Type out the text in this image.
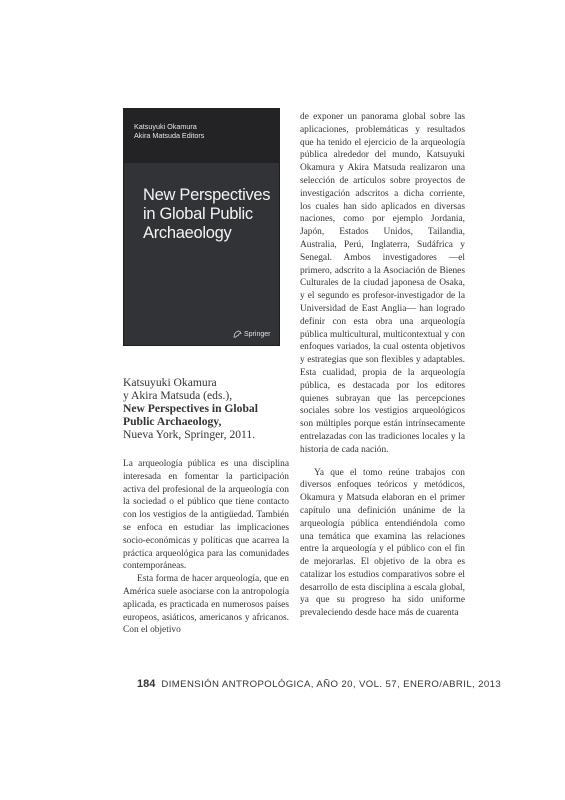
Katsuyuki Okamura
Akira Matsuda Editors
New Perspectives
in Global Public
Archaeology
Springer
Katsuyuki Okamura
y Akira Matsuda (eds.),
New Perspectives in Global
Public Archaeology,
Nueva York, Springer, 2011.

La arqueología pública es una disciplina interesada en fomentar la participación activa del profesional de la arqueología con la sociedad o el público que tiene contacto con los vestigios de la antigüedad. También se enfoca en estudiar las implicaciones socio-económicas y políticas que acarrea la práctica arqueológica para las comunidades contemporáneas.

Esta forma de hacer arqueología, que en América suele asociarse con la antropología aplicada, es practicada en numerosos países europeos, asiáticos, americanos y africanos. Con el objetivo

de exponer un panorama global sobre las aplicaciones, problemáticas y resultados que ha tenido el ejercicio de la arqueología pública alrededor del mundo, Katsuyuki Okamura y Akira Matsuda realizaron una selección de artículos sobre proyectos de investigación adscritos a dicha corriente, los cuales han sido aplicados en diversas naciones, como por ejemplo Jordania, Japón, Estados Unidos, Tailandia, Australia, Perú, Inglaterra, Sudáfrica y Senegal. Ambos investigadores —el primero, adscrito a la Asociación de Bienes Culturales de la ciudad japonesa de Osaka, y el segundo es profesor-investigador de la Universidad de East Anglia— han logrado definir con esta obra una arqueología pública multicultural, multicontextual y con enfoques variados, la cual ostenta objetivos y estrategias que son flexibles y adaptables. Esta cualidad, propia de la arqueología pública, es destacada por los editores quienes subrayan que las percepciones sociales sobre los vestigios arqueológicos son múltiples porque están intrínsecamente entrelazadas con las tradiciones locales y la historia de cada nación.

Ya que el tomo reúne trabajos con diversos enfoques teóricos y metódicos, Okamura y Matsuda elaboran en el primer capítulo una definición unánime de la arqueología pública entendiéndola como una temática que examina las relaciones entre la arqueología y el público con el fin de mejorarlas. El objetivo de la obra es catalizar los estudios comparativos sobre el desarrollo de esta disciplina a escala global, ya que su progreso ha sido uniforme prevaleciendo desde hace más de cuarenta

184 DIMENSIÓN ANTROPOLÓGICA, AÑO 20, VOL. 57, ENERO/ABRIL, 2013
